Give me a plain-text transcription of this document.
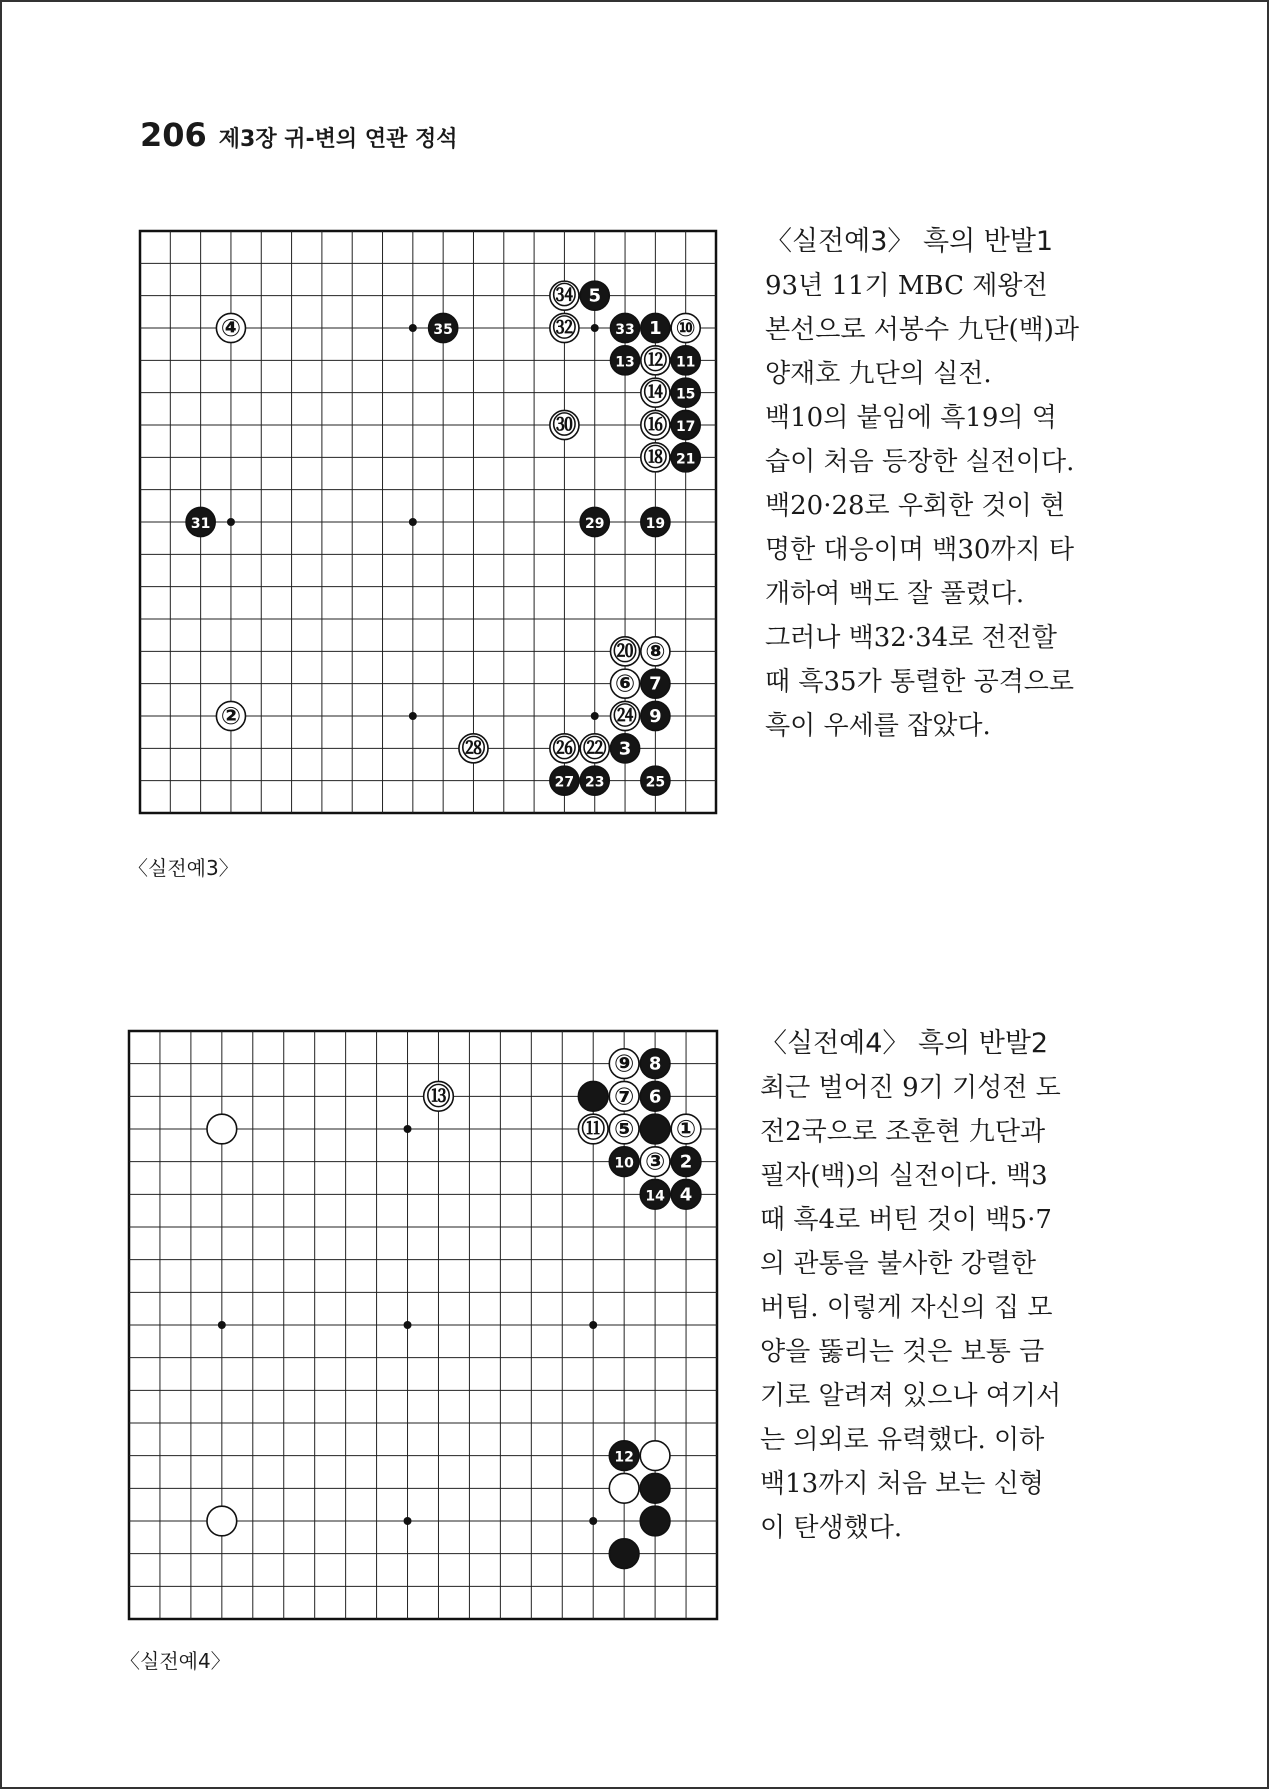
206 제3장 귀-변의 연관 정석
④
㉞ 5
35	㉜	33 1 ⑩
13 ⑫ 11
⑭ 15
㉚	⑯ 17
⑱ 21
31	29	19
⑳ ⑧
⑥ 7
②	㉔ 9
㉘	㉖ ㉒ 3
27 23	25
〈실전예3〉
〈실전예3〉 흑의 반발1

93년 11기 MBC 제왕전 본선으로 서봉수 九단(백)과 양재호 九단의 실전.

백10의 붙임에 흑19의 역습이 처음 등장한 실전이다. 백20·28로 우회한 것이 현명한 대응이며 백30까지 타개하여 백도 잘 풀렸다.

그러나 백32·34로 전전할 때 흑35가 통렬한 공격으로 흑이 우세를 잡았다.

⑨ 8
⑬	⑦ 6
⑪ ⑤ ①
10 ③ 2
14 4
12
〈실전예4〉
〈실전예4〉 흑의 반발2

최근 벌어진 9기 기성전 도전2국으로 조훈현 九단과 필자(백)의 실전이다. 백3때 흑4로 버틴 것이 백5·7의 관통을 불사한 강렬한 버팀. 이렇게 자신의 집 모양을 뚫리는 것은 보통 금기로 알려져 있으나 여기서는 의외로 유력했다. 이하 백13까지 처음 보는 신형이 탄생했다.
